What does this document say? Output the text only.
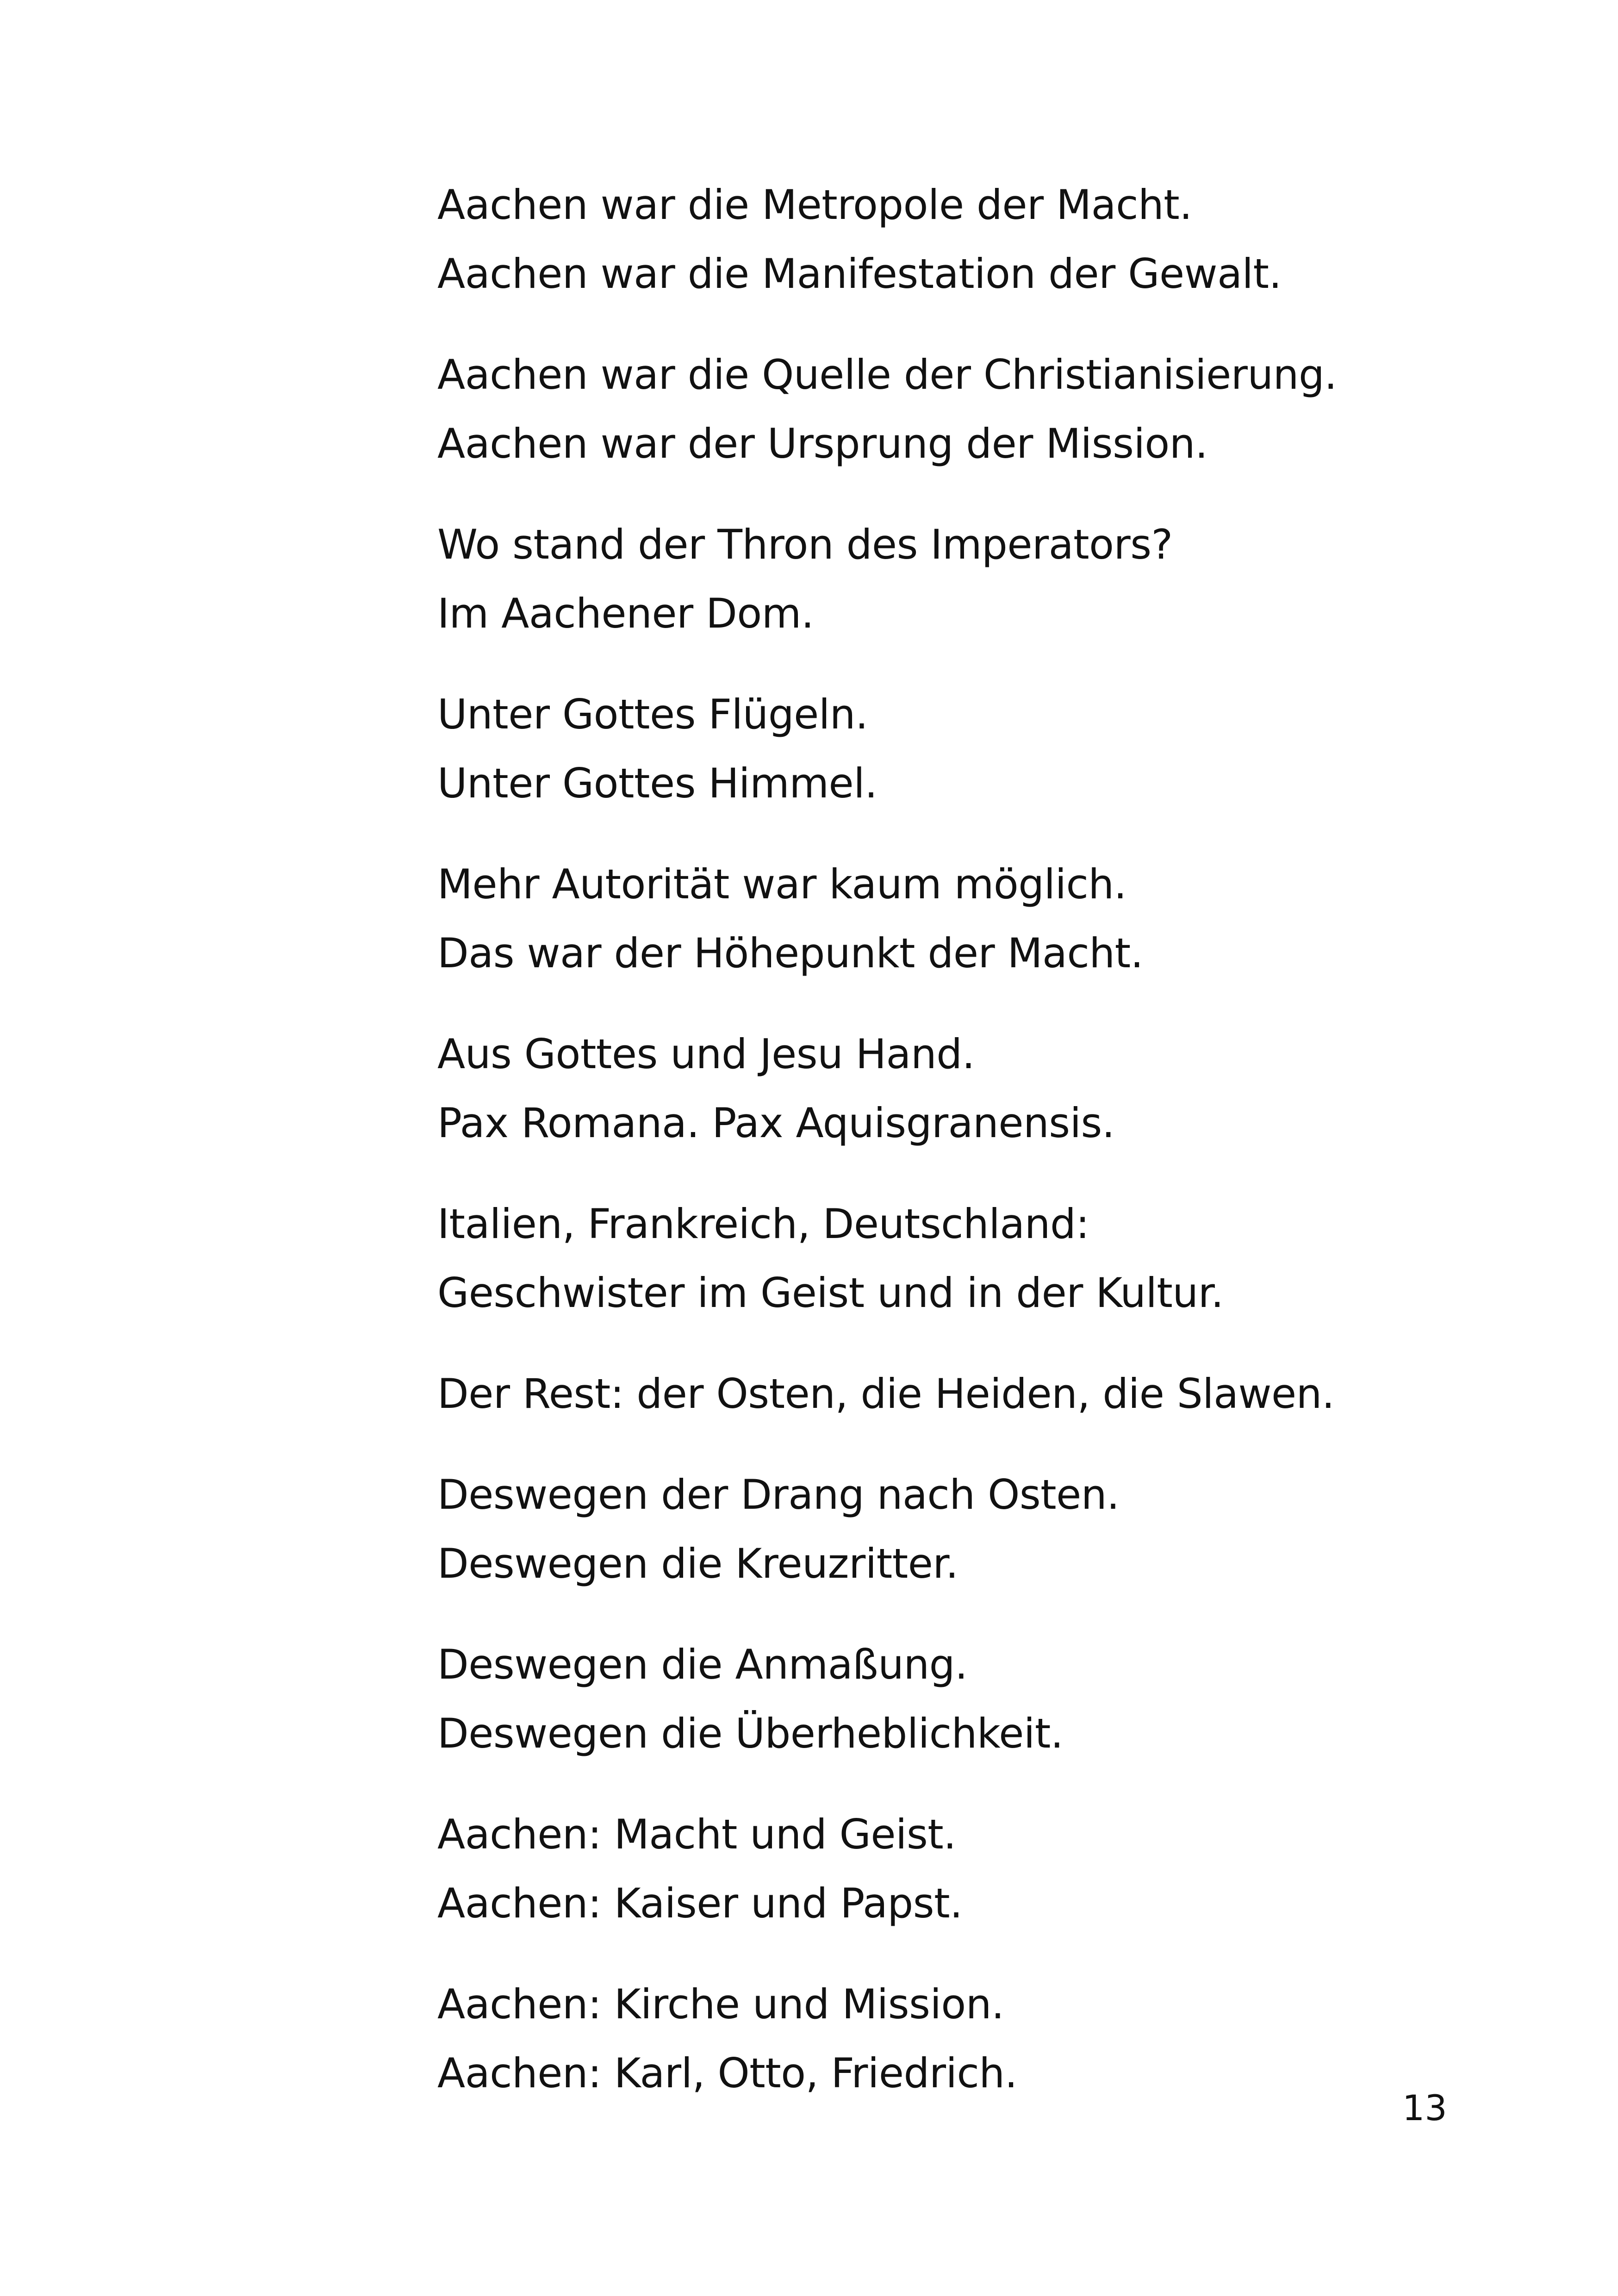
Aachen war die Metropole der Macht.
Aachen war die Manifestation der Gewalt.
Aachen war die Quelle der Christianisierung.
Aachen war der Ursprung der Mission.
Wo stand der Thron des Imperators?
Im Aachener Dom.
Unter Gottes Flügeln.
Unter Gottes Himmel.
Mehr Autorität war kaum möglich.
Das war der Höhepunkt der Macht.
Aus Gottes und Jesu Hand.
Pax Romana. Pax Aquisgranensis.
Italien, Frankreich, Deutschland:
Geschwister im Geist und in der Kultur.
Der Rest: der Osten, die Heiden, die Slawen.
Deswegen der Drang nach Osten.
Deswegen die Kreuzritter.
Deswegen die Anmaßung.
Deswegen die Überheblichkeit.
Aachen: Macht und Geist.
Aachen: Kaiser und Papst.
Aachen: Kirche und Mission.
Aachen: Karl, Otto, Friedrich.
13
